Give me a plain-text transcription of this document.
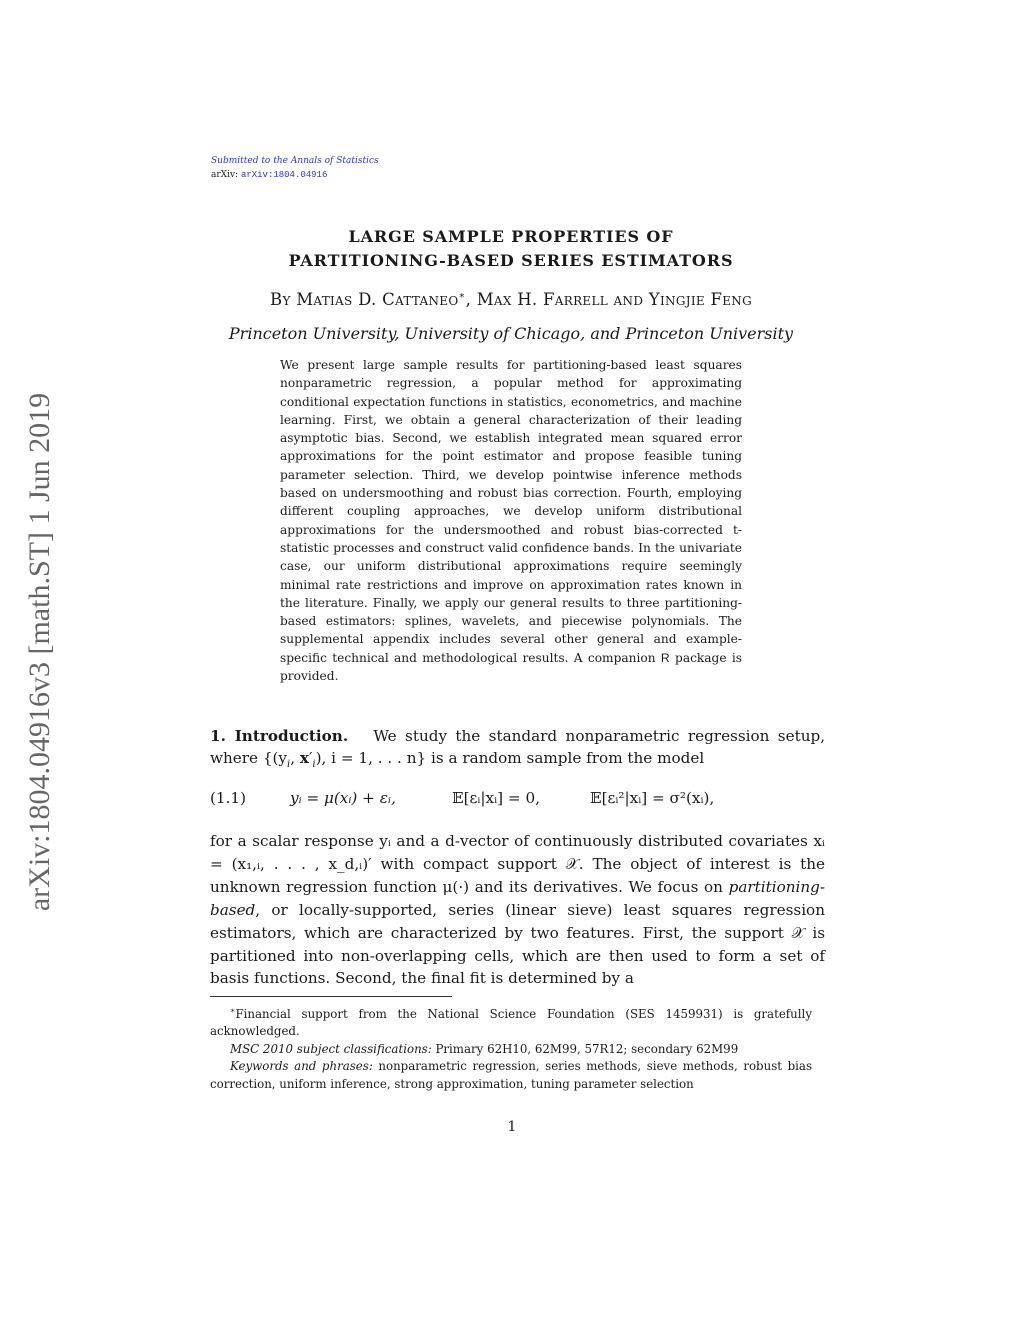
arXiv:1804.04916v3 [math.ST] 1 Jun 2019
Submitted to the Annals of Statistics
arXiv: arXiv:1804.04916
LARGE SAMPLE PROPERTIES OF
PARTITIONING-BASED SERIES ESTIMATORS
By Matias D. Cattaneo∗, Max H. Farrell and Yingjie Feng
Princeton University, University of Chicago, and Princeton University
We present large sample results for partitioning-based least squares nonparametric regression, a popular method for approximating conditional expectation functions in statistics, econometrics, and machine learning. First, we obtain a general characterization of their leading asymptotic bias. Second, we establish integrated mean squared error approximations for the point estimator and propose feasible tuning parameter selection. Third, we develop pointwise inference methods based on undersmoothing and robust bias correction. Fourth, employing different coupling approaches, we develop uniform distributional approximations for the undersmoothed and robust bias-corrected t-statistic processes and construct valid confidence bands. In the univariate case, our uniform distributional approximations require seemingly minimal rate restrictions and improve on approximation rates known in the literature. Finally, we apply our general results to three partitioning-based estimators: splines, wavelets, and piecewise polynomials. The supplemental appendix includes several other general and example-specific technical and methodological results. A companion R package is provided.
1. Introduction. We study the standard nonparametric regression setup, where {($y_i$, $x'_i$), i = 1, . . . n} is a random sample from the model
(1.1)	yᵢ = μ(xᵢ) + εᵢ,	𝔼[εᵢ|xᵢ] = 0,	𝔼[εᵢ²|xᵢ] = σ²(xᵢ),
for a scalar response yᵢ and a d-vector of continuously distributed covariates xᵢ = (x₁,ᵢ, . . . , x_d,ᵢ)′ with compact support 𝒳. The object of interest is the unknown regression function μ(·) and its derivatives. We focus on partitioning-based, or locally-supported, series (linear sieve) least squares regression estimators, which are characterized by two features. First, the support 𝒳 is partitioned into non-overlapping cells, which are then used to form a set of basis functions. Second, the final fit is determined by a

∗Financial support from the National Science Foundation (SES 1459931) is gratefully acknowledged.

MSC 2010 subject classifications: Primary 62H10, 62M99, 57R12; secondary 62M99

Keywords and phrases: nonparametric regression, series methods, sieve methods, robust bias correction, uniform inference, strong approximation, tuning parameter selection

1
